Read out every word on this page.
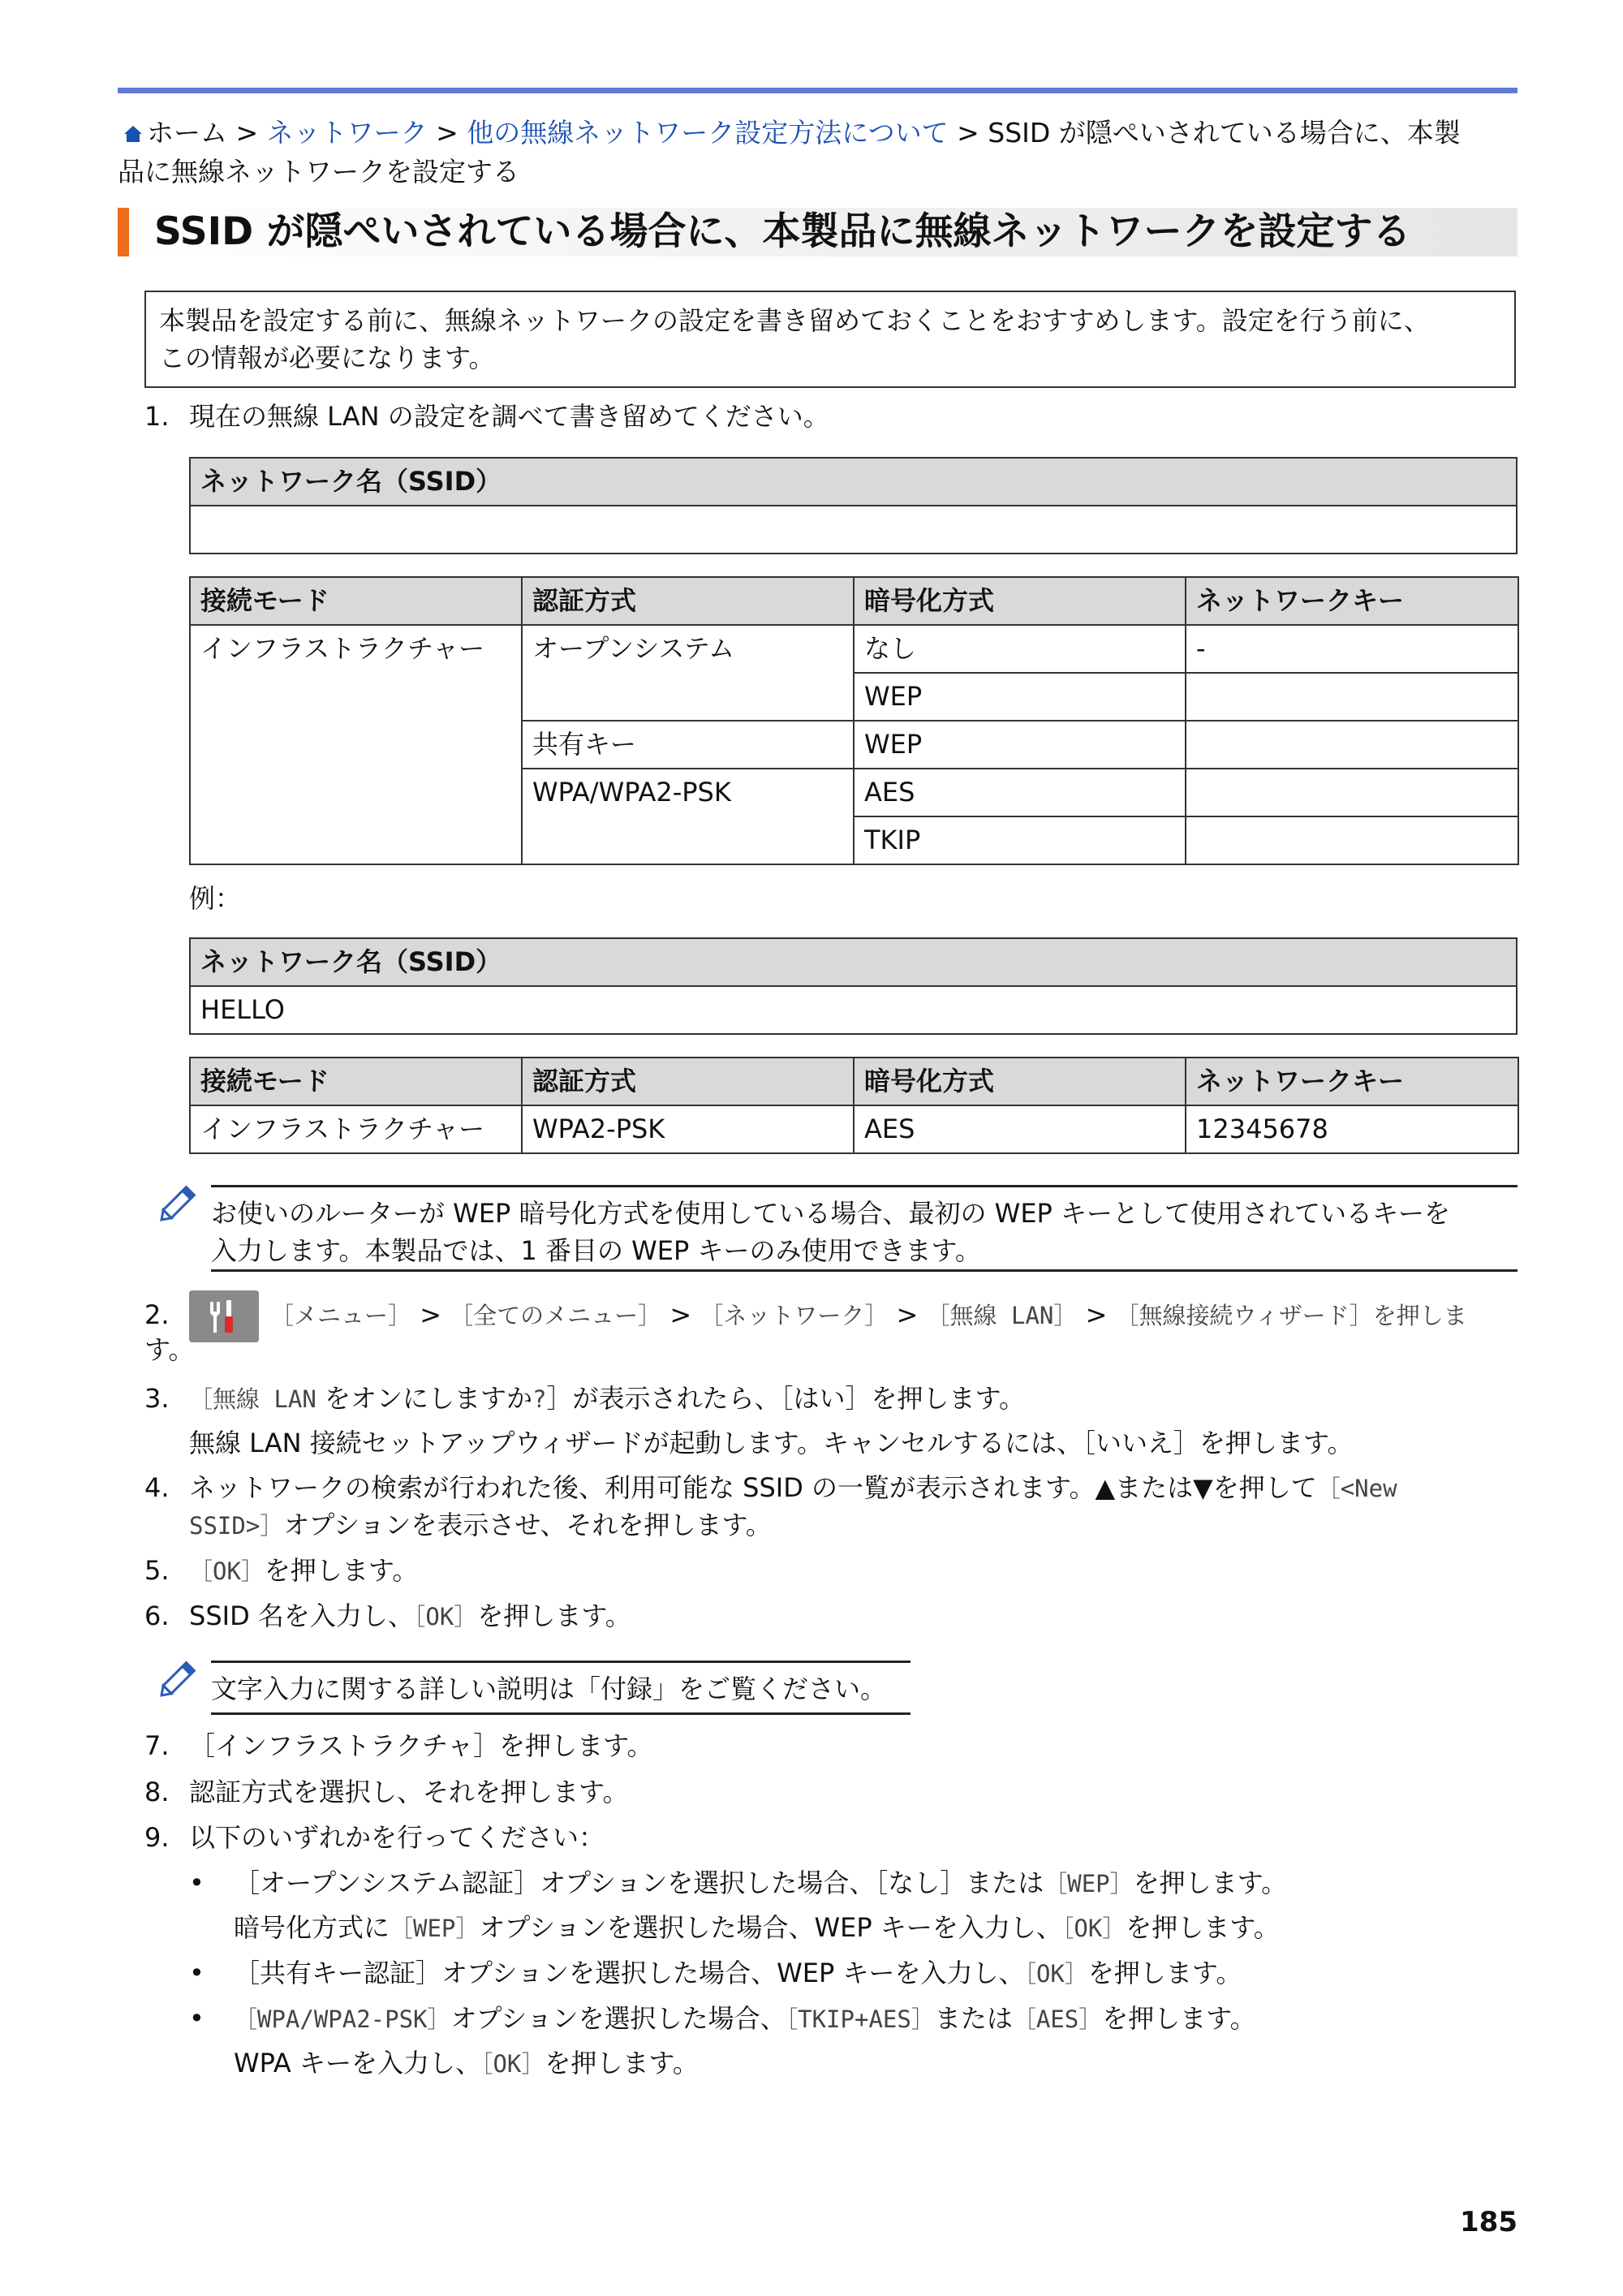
ホーム > ネットワーク > 他の無線ネットワーク設定方法について > SSID が隠ぺいされている場合に、本製
品に無線ネットワークを設定する
SSID が隠ぺいされている場合に、本製品に無線ネットワークを設定する
本製品を設定する前に、無線ネットワークの設定を書き留めておくことをおすすめします。設定を行う前に、
この情報が必要になります。
1. 現在の無線 LAN の設定を調べて書き留めてください。
ネットワーク名（SSID）

接続モード	認証方式	暗号化方式	ネットワークキー
インフラストラクチャー	オープンシステム	なし	-
		WEP	
	共有キー	WEP	
	WPA/WPA2-PSK	AES	
		TKIP	
例：
ネットワーク名（SSID）
HELLO
接続モード	認証方式	暗号化方式	ネットワークキー
インフラストラクチャー	WPA2-PSK	AES	12345678
お使いのルーターが WEP 暗号化方式を使用している場合、最初の WEP キーとして使用されているキーを
入力します。本製品では、1 番目の WEP キーのみ使用できます。
2.	［メニュー］ > ［全てのメニュー］ > ［ネットワーク］ > ［無線 LAN］ > ［無線接続ウィザード］を押しま
す。
3. ［無線 LAN をオンにしますか?］が表示されたら、［はい］を押します。
無線 LAN 接続セットアップウィザードが起動します。キャンセルするには、［いいえ］を押します。
4. ネットワークの検索が行われた後、利用可能な SSID の一覧が表示されます。▲または▼を押して［<New
SSID>］オプションを表示させ、それを押します。
5. ［OK］を押します。
6. SSID 名を入力し、［OK］を押します。
文字入力に関する詳しい説明は「付録」をご覧ください。
7. ［インフラストラクチャ］を押します。
8. 認証方式を選択し、それを押します。
9. 以下のいずれかを行ってください：
• ［オープンシステム認証］オプションを選択した場合、［なし］または［WEP］を押します。
暗号化方式に［WEP］オプションを選択した場合、WEP キーを入力し、［OK］を押します。
• ［共有キー認証］オプションを選択した場合、WEP キーを入力し、［OK］を押します。
• ［WPA/WPA2-PSK］オプションを選択した場合、［TKIP+AES］または［AES］を押します。
WPA キーを入力し、［OK］を押します。
185
